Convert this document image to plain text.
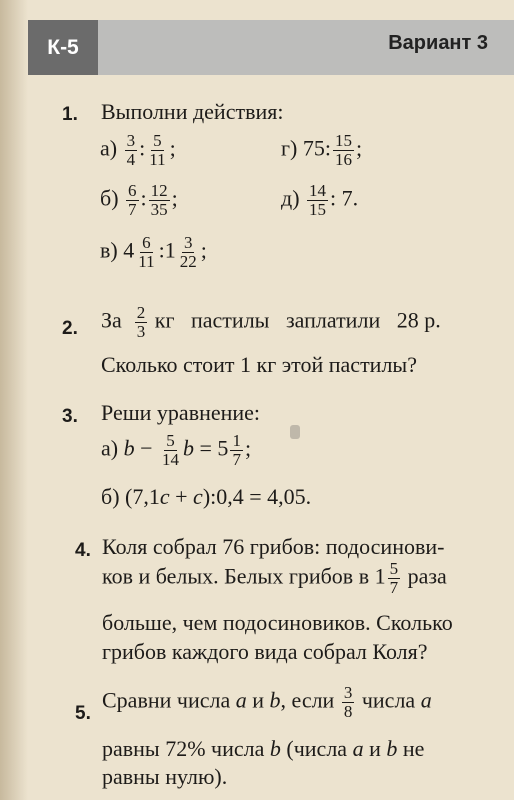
К-5	Вариант 3
1. Выполни действия:
$а) \frac{3}{4}$ : $\frac{5}{11}$ ;	г) 75: $\frac{15}{16}$ ;
$б) \frac{6}{7}$ : $\frac{12}{35}$ ;	$д) \frac{14}{15}$ : 7.
в) $4 \frac{6}{11}$ :1 $\frac{3}{22}$ ;
2. За $\frac{2}{3}$ кг   пастилы   заплатили   28 р.
Сколько стоит 1 кг этой пастилы?
3. Реши уравнение:
а) $b - \frac{5}{14}$ $b = 5 \frac{1}{7}$ ;
б) (7,1c + c):0,4 = 4,05.
4. Коля собрал 76 грибов: подосинови-
ков и белых. Белых грибов в $1 \frac{5}{7}$ раза
больше, чем подосиновиков. Сколько
грибов каждого вида собрал Коля?
5.
Сравни числа a и b, если $\frac{3}{8}$ числа a
равны 72% числа b (числа a и b не
равны нулю).
